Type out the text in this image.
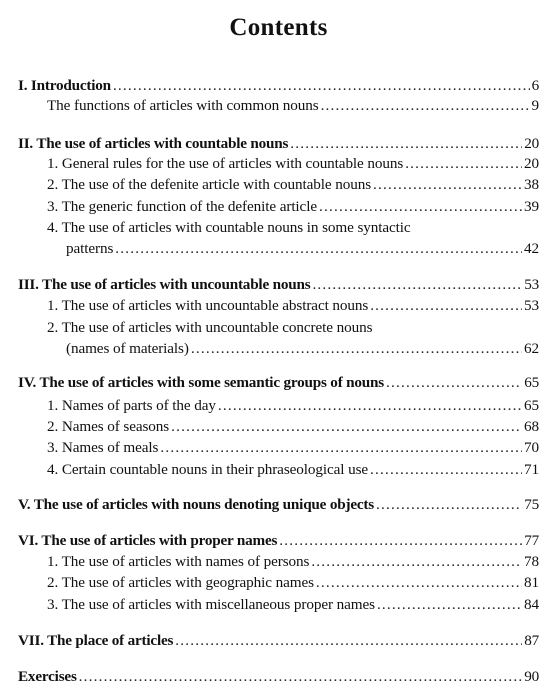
Contents
I. Introduction .....	6
The functions of articles with common nouns .....	9
II. The use of articles with countable nouns .....	20
1. General rules for the use of articles with countable nouns .....	20
2. The use of the defenite article with countable nouns .....	38
3. The generic function of the defenite article .....	39
4. The use of articles with countable nouns in some syntactic
patterns .....	42
III. The use of articles with uncountable nouns .....	53
1. The use of articles with uncountable abstract nouns .....	53
2. The use of articles with uncountable concrete nouns
(names of materials) .....	62
IV. The use of articles with some semantic groups of nouns .....	65
1. Names of parts of the day .....	65
2. Names of seasons .....	68
3. Names of meals .....	70
4. Certain countable nouns in their phraseological use .....	71
V. The use of articles with nouns denoting unique objects .....	75
VI. The use of articles with proper names .....	77
1. The use of articles with names of persons .....	78
2. The use of articles with geographic names .....	81
3. The use of articles with miscellaneous proper names .....	84
VII. The place of articles .....	87
Exercises .....	90
